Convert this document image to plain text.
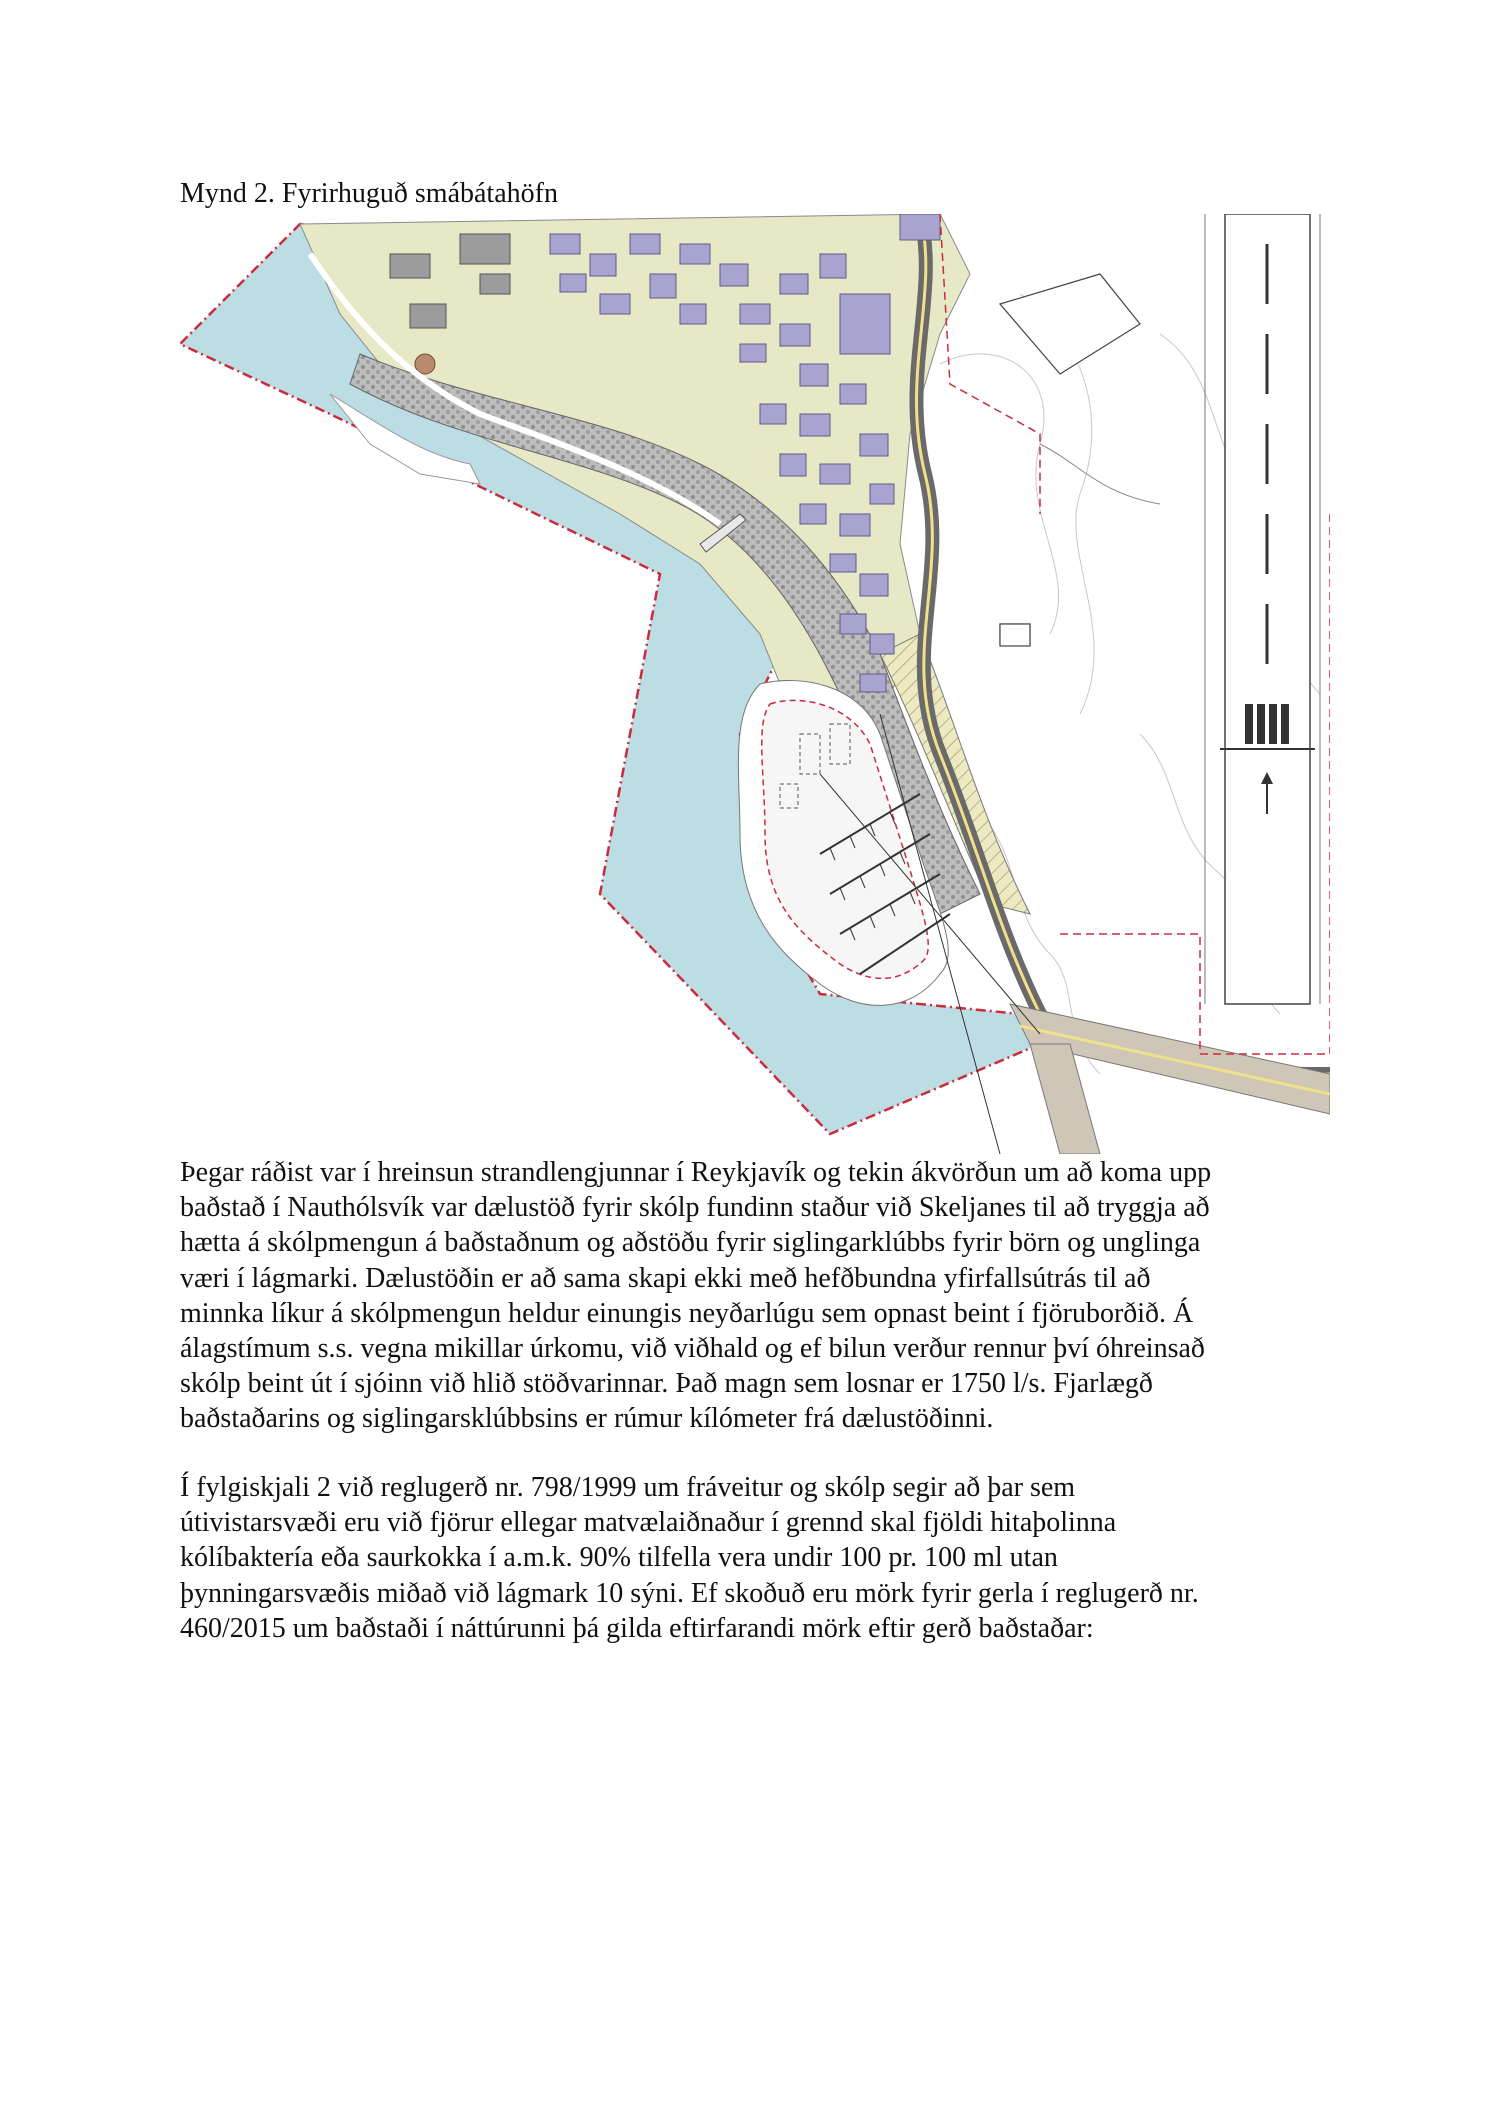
Mynd 2. Fyrirhuguð smábátahöfn
Þegar ráðist var í hreinsun strandlengjunnar í Reykjavík og tekin ákvörðun um að koma upp
baðstað í Nauthólsvík var dælustöð fyrir skólp fundinn staður við Skeljanes til að tryggja að
hætta á skólpmengun á baðstaðnum og aðstöðu fyrir siglingarklúbbs fyrir börn og unglinga
væri í lágmarki. Dælustöðin er að sama skapi ekki með hefðbundna yfirfallsútrás til að
minnka líkur á skólpmengun heldur einungis neyðarlúgu sem opnast beint í fjöruborðið. Á
álagstímum s.s. vegna mikillar úrkomu, við viðhald og ef bilun verður rennur því óhreinsað
skólp beint út í sjóinn við hlið stöðvarinnar. Það magn sem losnar er 1750 l/s. Fjarlægð
baðstaðarins og siglingarsklúbbsins er rúmur kílómeter frá dælustöðinni.
Í fylgiskjali 2 við reglugerð nr. 798/1999 um fráveitur og skólp segir að þar sem
útivistarsvæði eru við fjörur ellegar matvælaiðnaður í grennd skal fjöldi hitaþolinna
kólíbaktería eða saurkokka í a.m.k. 90% tilfella vera undir 100 pr. 100 ml utan
þynningarsvæðis miðað við lágmark 10 sýni. Ef skoðuð eru mörk fyrir gerla í reglugerð nr.
460/2015 um baðstaði í náttúrunni þá gilda eftirfarandi mörk eftir gerð baðstaðar:
